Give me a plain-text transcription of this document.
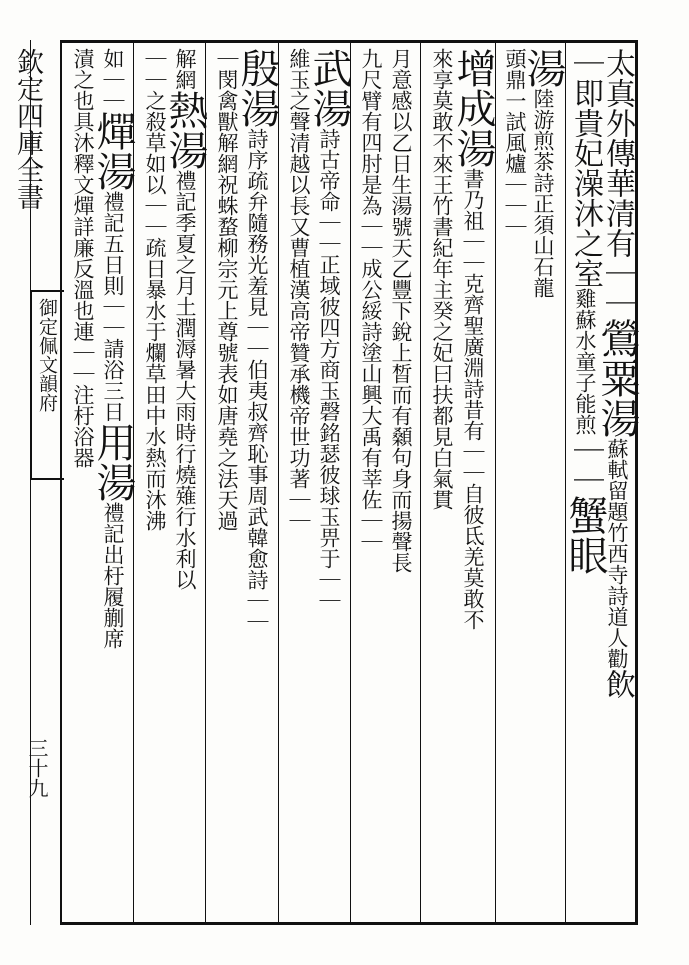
欽定四庫全書
御定佩文韻府
三十九
太真外傳華清有｜｜鶯粟湯蘇軾留題竹西寺詩道人勸飲
｜即貴妃澡沐之室雞蘇水童子能煎｜｜蟹眼
湯陸游煎茶詩正須山石龍
頭鼎一試風爐｜｜｜
增成湯書乃祖｜｜克齊聖廣淵詩昔有｜｜自彼氐羌莫敢不
來享莫敢不來王竹書紀年主癸之妃曰扶都見白氣貫
月意感以乙日生湯號天乙豐下銳上晳而有顙句身而揚聲長
九尺臂有四肘是為｜｜成公綏詩塗山興大禹有莘佐｜｜
武湯詩古帝命｜｜正域彼四方商玉磬銘瑟彼球玉畀于｜｜
維玉之聲清越以長又曹植漢高帝贊承機帝世功著｜｜
殷湯詩序疏弁隨務光羞見｜｜伯夷叔齊恥事周武韓愈詩｜｜
｜閔禽獸解網祝蛛蝥柳宗元上尊號表如唐堯之法天過
解網熱湯禮記季夏之月土潤溽暑大雨時行燒薙行水利以
｜｜之殺草如以｜｜疏日暴水于爛草田中水熱而沐沸
如｜｜燀湯禮記五日則｜｜請浴三日用湯禮記出杅履蒯席
漬之也具沐釋文燀詳廉反溫也連｜｜注杅浴器
